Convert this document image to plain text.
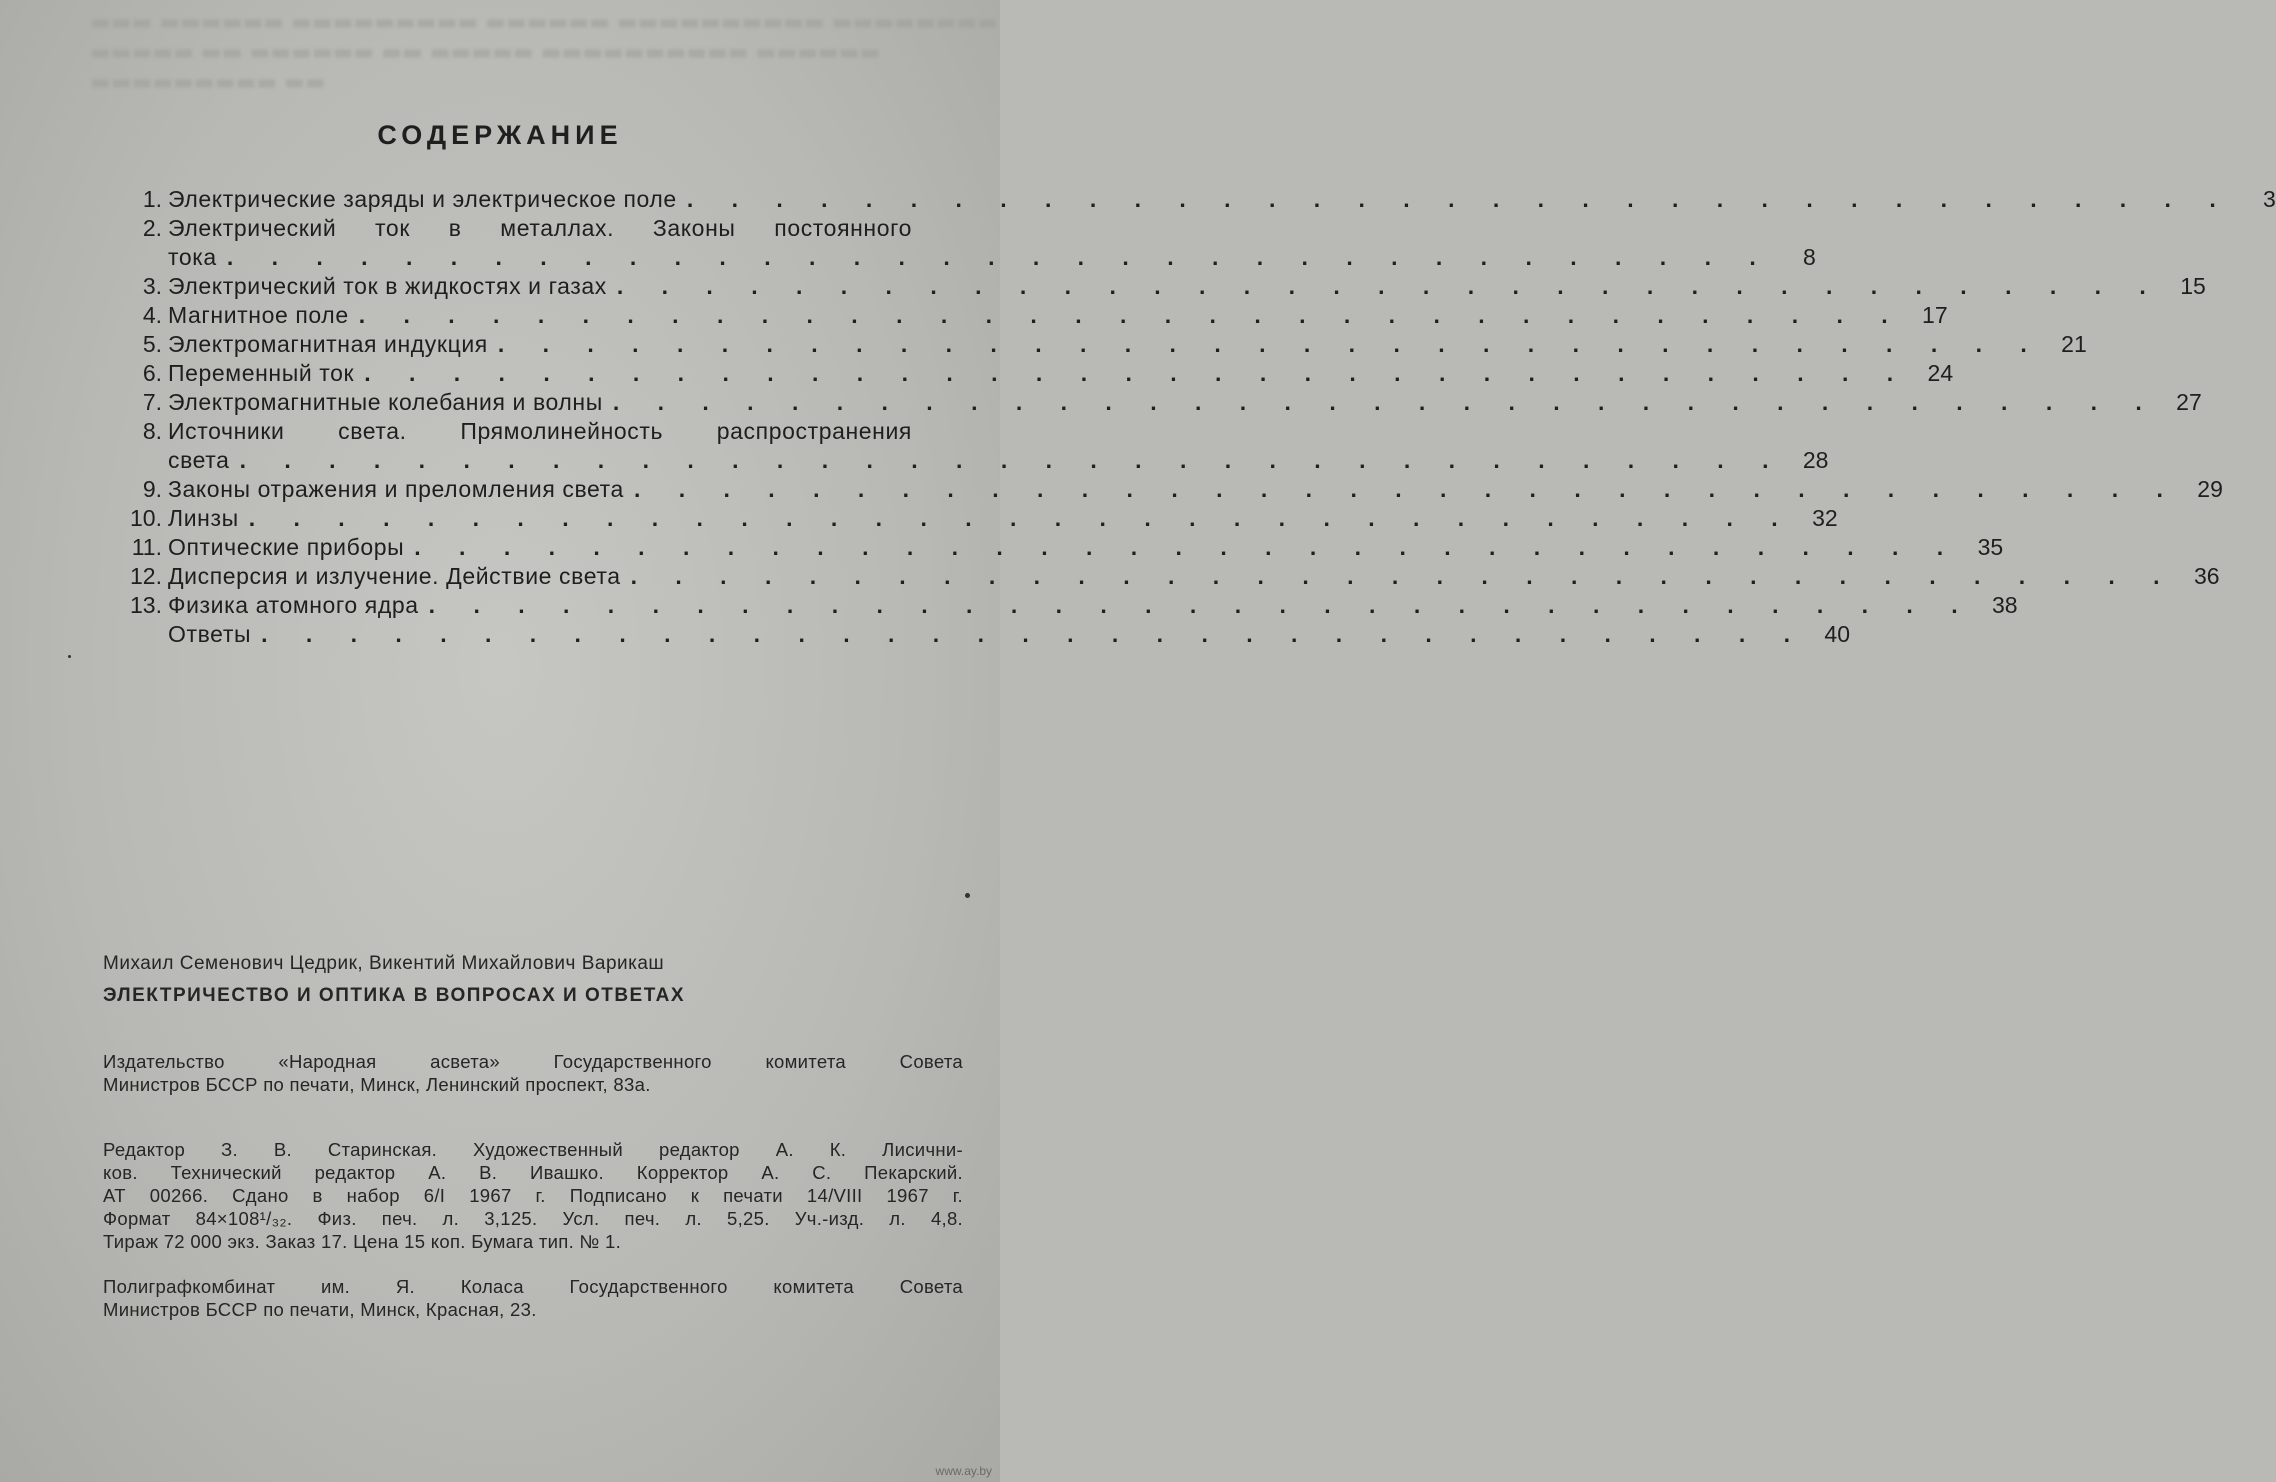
▬▬▬ ▬▬▬▬▬▬ ▬▬▬▬▬▬▬▬▬ ▬▬▬▬▬▬ ▬▬▬▬▬▬▬▬▬▬ ▬▬▬▬▬▬▬▬
▬▬▬▬▬ ▬▬ ▬▬▬▬▬▬ ▬▬ ▬▬▬▬▬ ▬▬▬▬▬▬▬▬▬▬ ▬▬▬▬▬▬
▬▬▬▬▬▬▬▬▬ ▬▬
СОДЕРЖАНИЕ
1. Электрические заряды и электрическое поле . . . . . . . . . . . . . . . . . . . . . . . . . . . . . . . . . . .	3
2. Электрический ток в металлах. Законы постоянного
тока . . . . . . . . . . . . . . . . . . . . . . . . . . . . . . . . . . .	8
3. Электрический ток в жидкостях и газах . . . . . . . . . . . . . . . . . . . . . . . . . . . . . . . . . . . 15
4. Магнитное поле . . . . . . . . . . . . . . . . . . . . . . . . . . . . . . . . . . . 17
5. Электромагнитная индукция . . . . . . . . . . . . . . . . . . . . . . . . . . . . . . . . . . . 21
6. Переменный ток . . . . . . . . . . . . . . . . . . . . . . . . . . . . . . . . . . . 24
7. Электромагнитные колебания и волны . . . . . . . . . . . . . . . . . . . . . . . . . . . . . . . . . . . 27
8. Источники света. Прямолинейность распространения
света . . . . . . . . . . . . . . . . . . . . . . . . . . . . . . . . . . . 28
9. Законы отражения и преломления света . . . . . . . . . . . . . . . . . . . . . . . . . . . . . . . . . . . 29
10. Линзы . . . . . . . . . . . . . . . . . . . . . . . . . . . . . . . . . . . 32
11. Оптические приборы . . . . . . . . . . . . . . . . . . . . . . . . . . . . . . . . . . . 35
12. Дисперсия и излучение. Действие света . . . . . . . . . . . . . . . . . . . . . . . . . . . . . . . . . . . 36
13. Физика атомного ядра . . . . . . . . . . . . . . . . . . . . . . . . . . . . . . . . . . . 38
Ответы . . . . . . . . . . . . . . . . . . . . . . . . . . . . . . . . . . . 40
Михаил Семенович Цедрик, Викентий Михайлович Варикаш
ЭЛЕКТРИЧЕСТВО И ОПТИКА В ВОПРОСАХ И ОТВЕТАХ
Издательство «Народная асвета» Государственного комитета Совета
Министров БССР по печати, Минск, Ленинский проспект, 83а.
Редактор З. В. Старинская. Художественный редактор А. К. Лисични-
ков. Технический редактор А. В. Ивашко. Корректор А. С. Пекарский.
АТ 00266. Сдано в набор 6/I 1967 г. Подписано к печати 14/VIII 1967 г.
Формат 84×108¹/₃₂. Физ. печ. л. 3,125. Усл. печ. л. 5,25. Уч.-изд. л. 4,8.
Тираж 72 000 экз. Заказ 17. Цена 15 коп. Бумага тип. № 1.
Полиграфкомбинат им. Я. Коласа Государственного комитета Совета
Министров БССР по печати, Минск, Красная, 23.
www.ay.by
